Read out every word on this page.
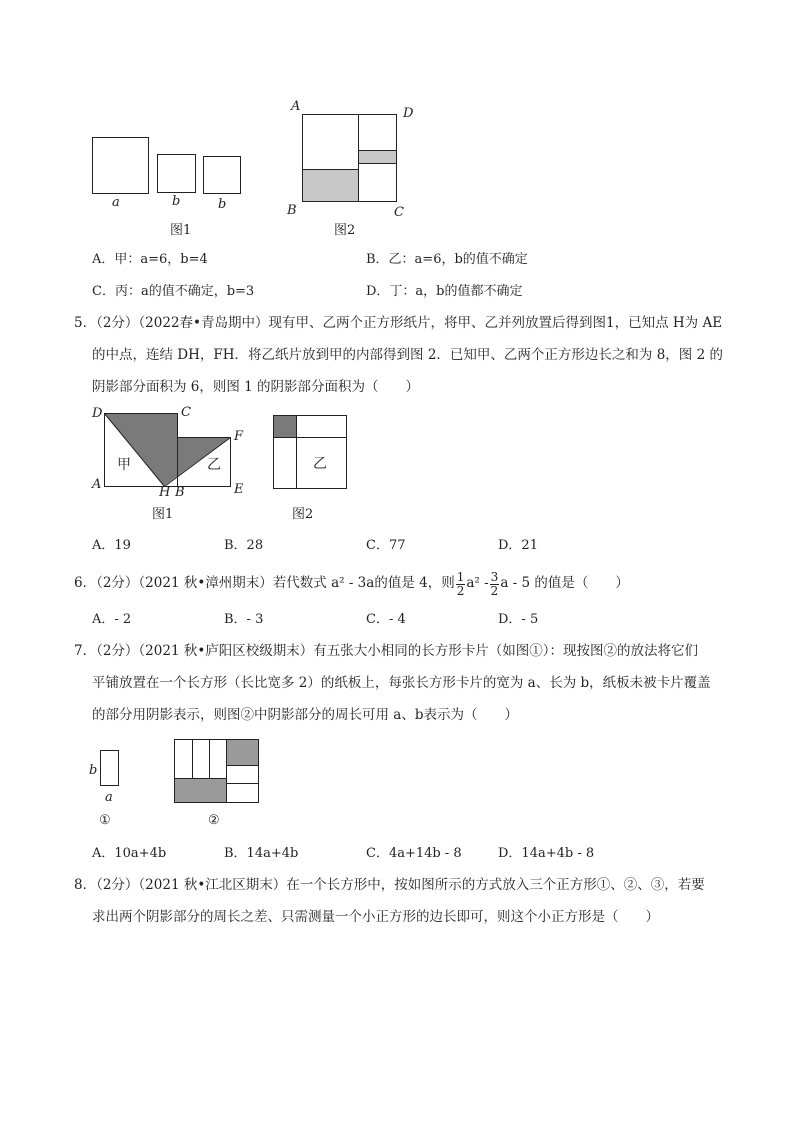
a	b	b
图1
A	D
B	C
图2
A．甲：a=6，b=4	B．乙：a=6，b的值不确定
C．丙：a的值不确定，b=3	D．丁：a，b的值都不确定
5．（2分）（2022春•青岛期中）现有甲、乙两个正方形纸片，将甲、乙并列放置后得到图1，已知点 H为 AE
的中点，连结 DH，FH．将乙纸片放到甲的内部得到图 2．已知甲、乙两个正方形边长之和为 8，图 2 的
阴影部分面积为 6，则图 1 的阴影部分面积为（　　）
D	C
F
A
H B	E
甲	乙
图1
乙
图2
A．19	B．28	C．77	D．21
6．（2分）（2021 秋•漳州期末）若代数式 a² - 3a的值是 4，则 $\frac{1}{2} a^2 - \frac{3}{2}$ a - 5 的值是（　　）
A．- 2	B．- 3	C．- 4	D．- 5
7．（2分）（2021 秋•庐阳区校级期末）有五张大小相同的长方形卡片（如图①）：现按图②的放法将它们
平铺放置在一个长方形（长比宽多 2）的纸板上，每张长方形卡片的宽为 a、长为 b，纸板未被卡片覆盖
的部分用阴影表示，则图②中阴影部分的周长可用 a、b表示为（　　）
b
a
①	②
A．10a+4b	B．14a+4b	C．4a+14b - 8	D．14a+4b - 8
8．（2分）（2021 秋•江北区期末）在一个长方形中，按如图所示的方式放入三个正方形①、②、③，若要
求出两个阴影部分的周长之差、只需测量一个小正方形的边长即可，则这个小正方形是（　　）
